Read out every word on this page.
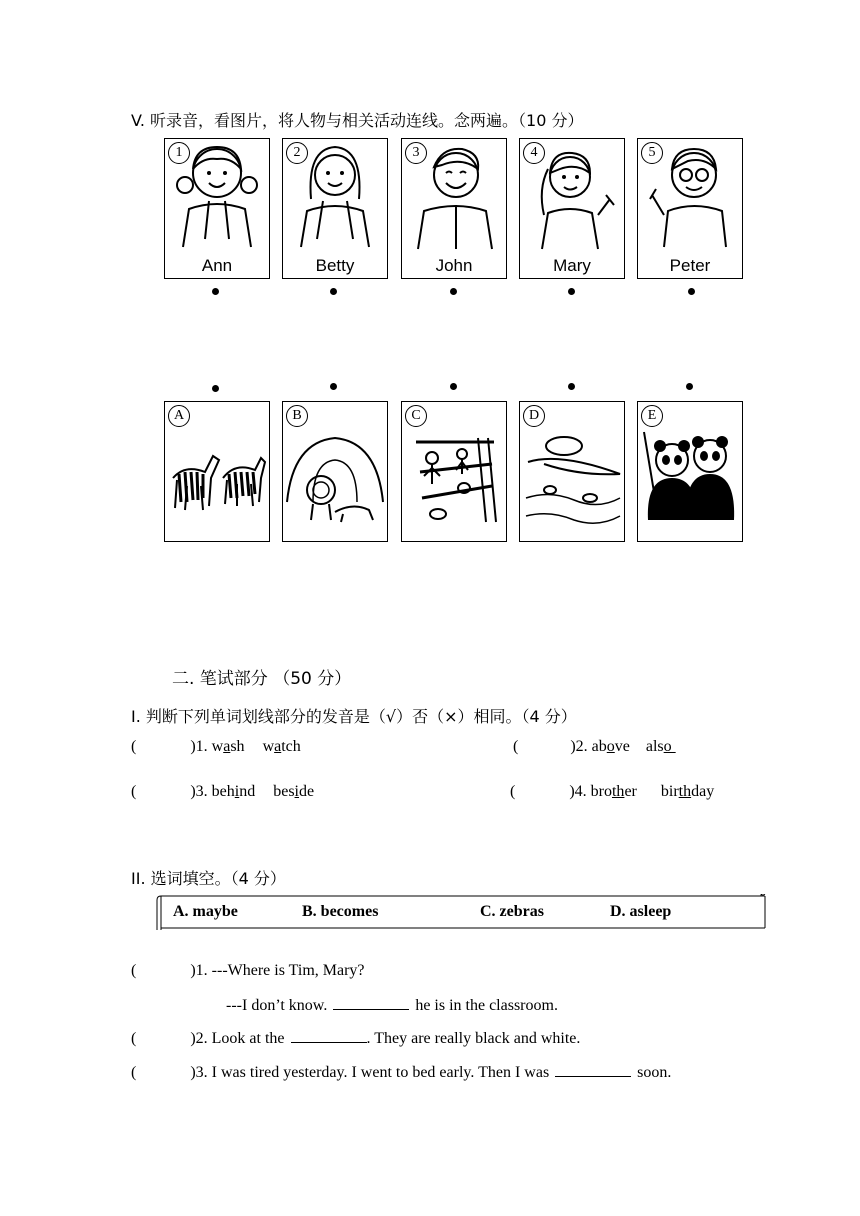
V. 听录音，看图片，将人物与相关活动连线。念两遍。（10 分）
1
Ann
2
Betty
3
John
4
Mary
5
Peter
A	B	C	D	E
二. 笔试部分 （50 分）
I. 判断下列单词划线部分的发音是（√）否（×）相同。（4 分）
(	)1. wash watch	(	)2. above also
(	)3. behind beside	(	)4. brother birthday
II. 选词填空。（4 分）
A. maybe	B. becomes	C. zebras	D. asleep
(	)1. ---Where is Tim, Mary?
---I don’t know.	he is in the classroom.
(	)2. Look at the	. They are really black and white.
(	)3. I was tired yesterday. I went to bed early. Then I was	soon.
